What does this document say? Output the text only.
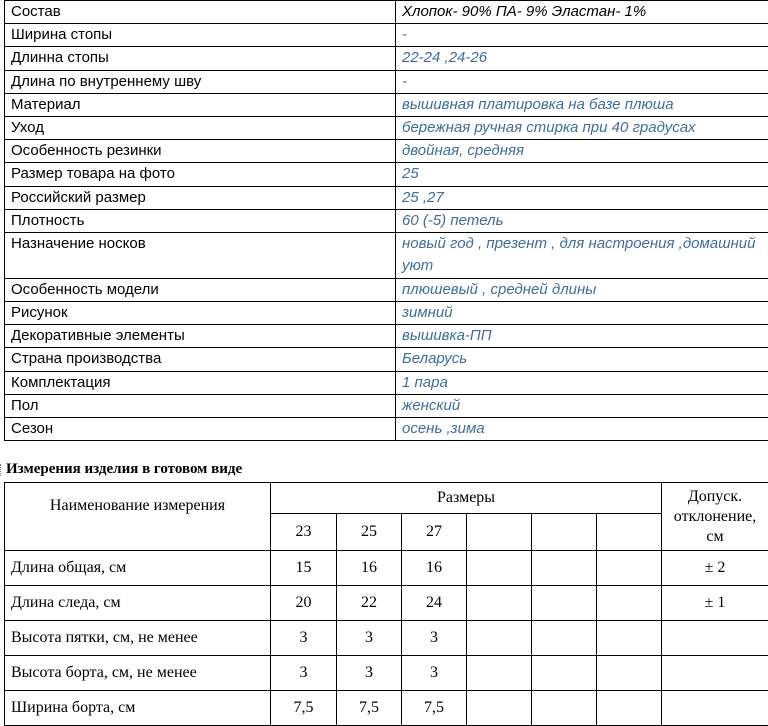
Состав	Хлопок- 90% ПА- 9% Эластан- 1%
Ширина стопы	-
Длинна стопы	22-24 ,24-26
Длина по внутреннему шву	-
Материал	вышивная платировка на базе плюша
Уход	бережная ручная стирка при 40 градусах
Особенность резинки	двойная, средняя
Размер товара на фото	25
Российский размер	25 ,27
Плотность	60 (-5) петель
Назначение носков	новый год , презент , для настроения ,домашний уют
Особенность модели	плюшевый , средней длины
Рисунок	зимний
Декоративные элементы	вышивка-ПП
Страна производства	Беларусь
Комплектация	1 пара
Пол	женский
Сезон	осень ,зима
Измерения изделия в готовом виде
Наименование измерения	Размеры						Допуск. отклонение, см
	23	25	27				
Длина общая, см	15	16	16				± 2
Длина следа, см	20	22	24				± 1
Высота пятки, см, не менее	3	3	3				
Высота борта, см, не менее	3	3	3				
Ширина борта, см	7,5	7,5	7,5				
